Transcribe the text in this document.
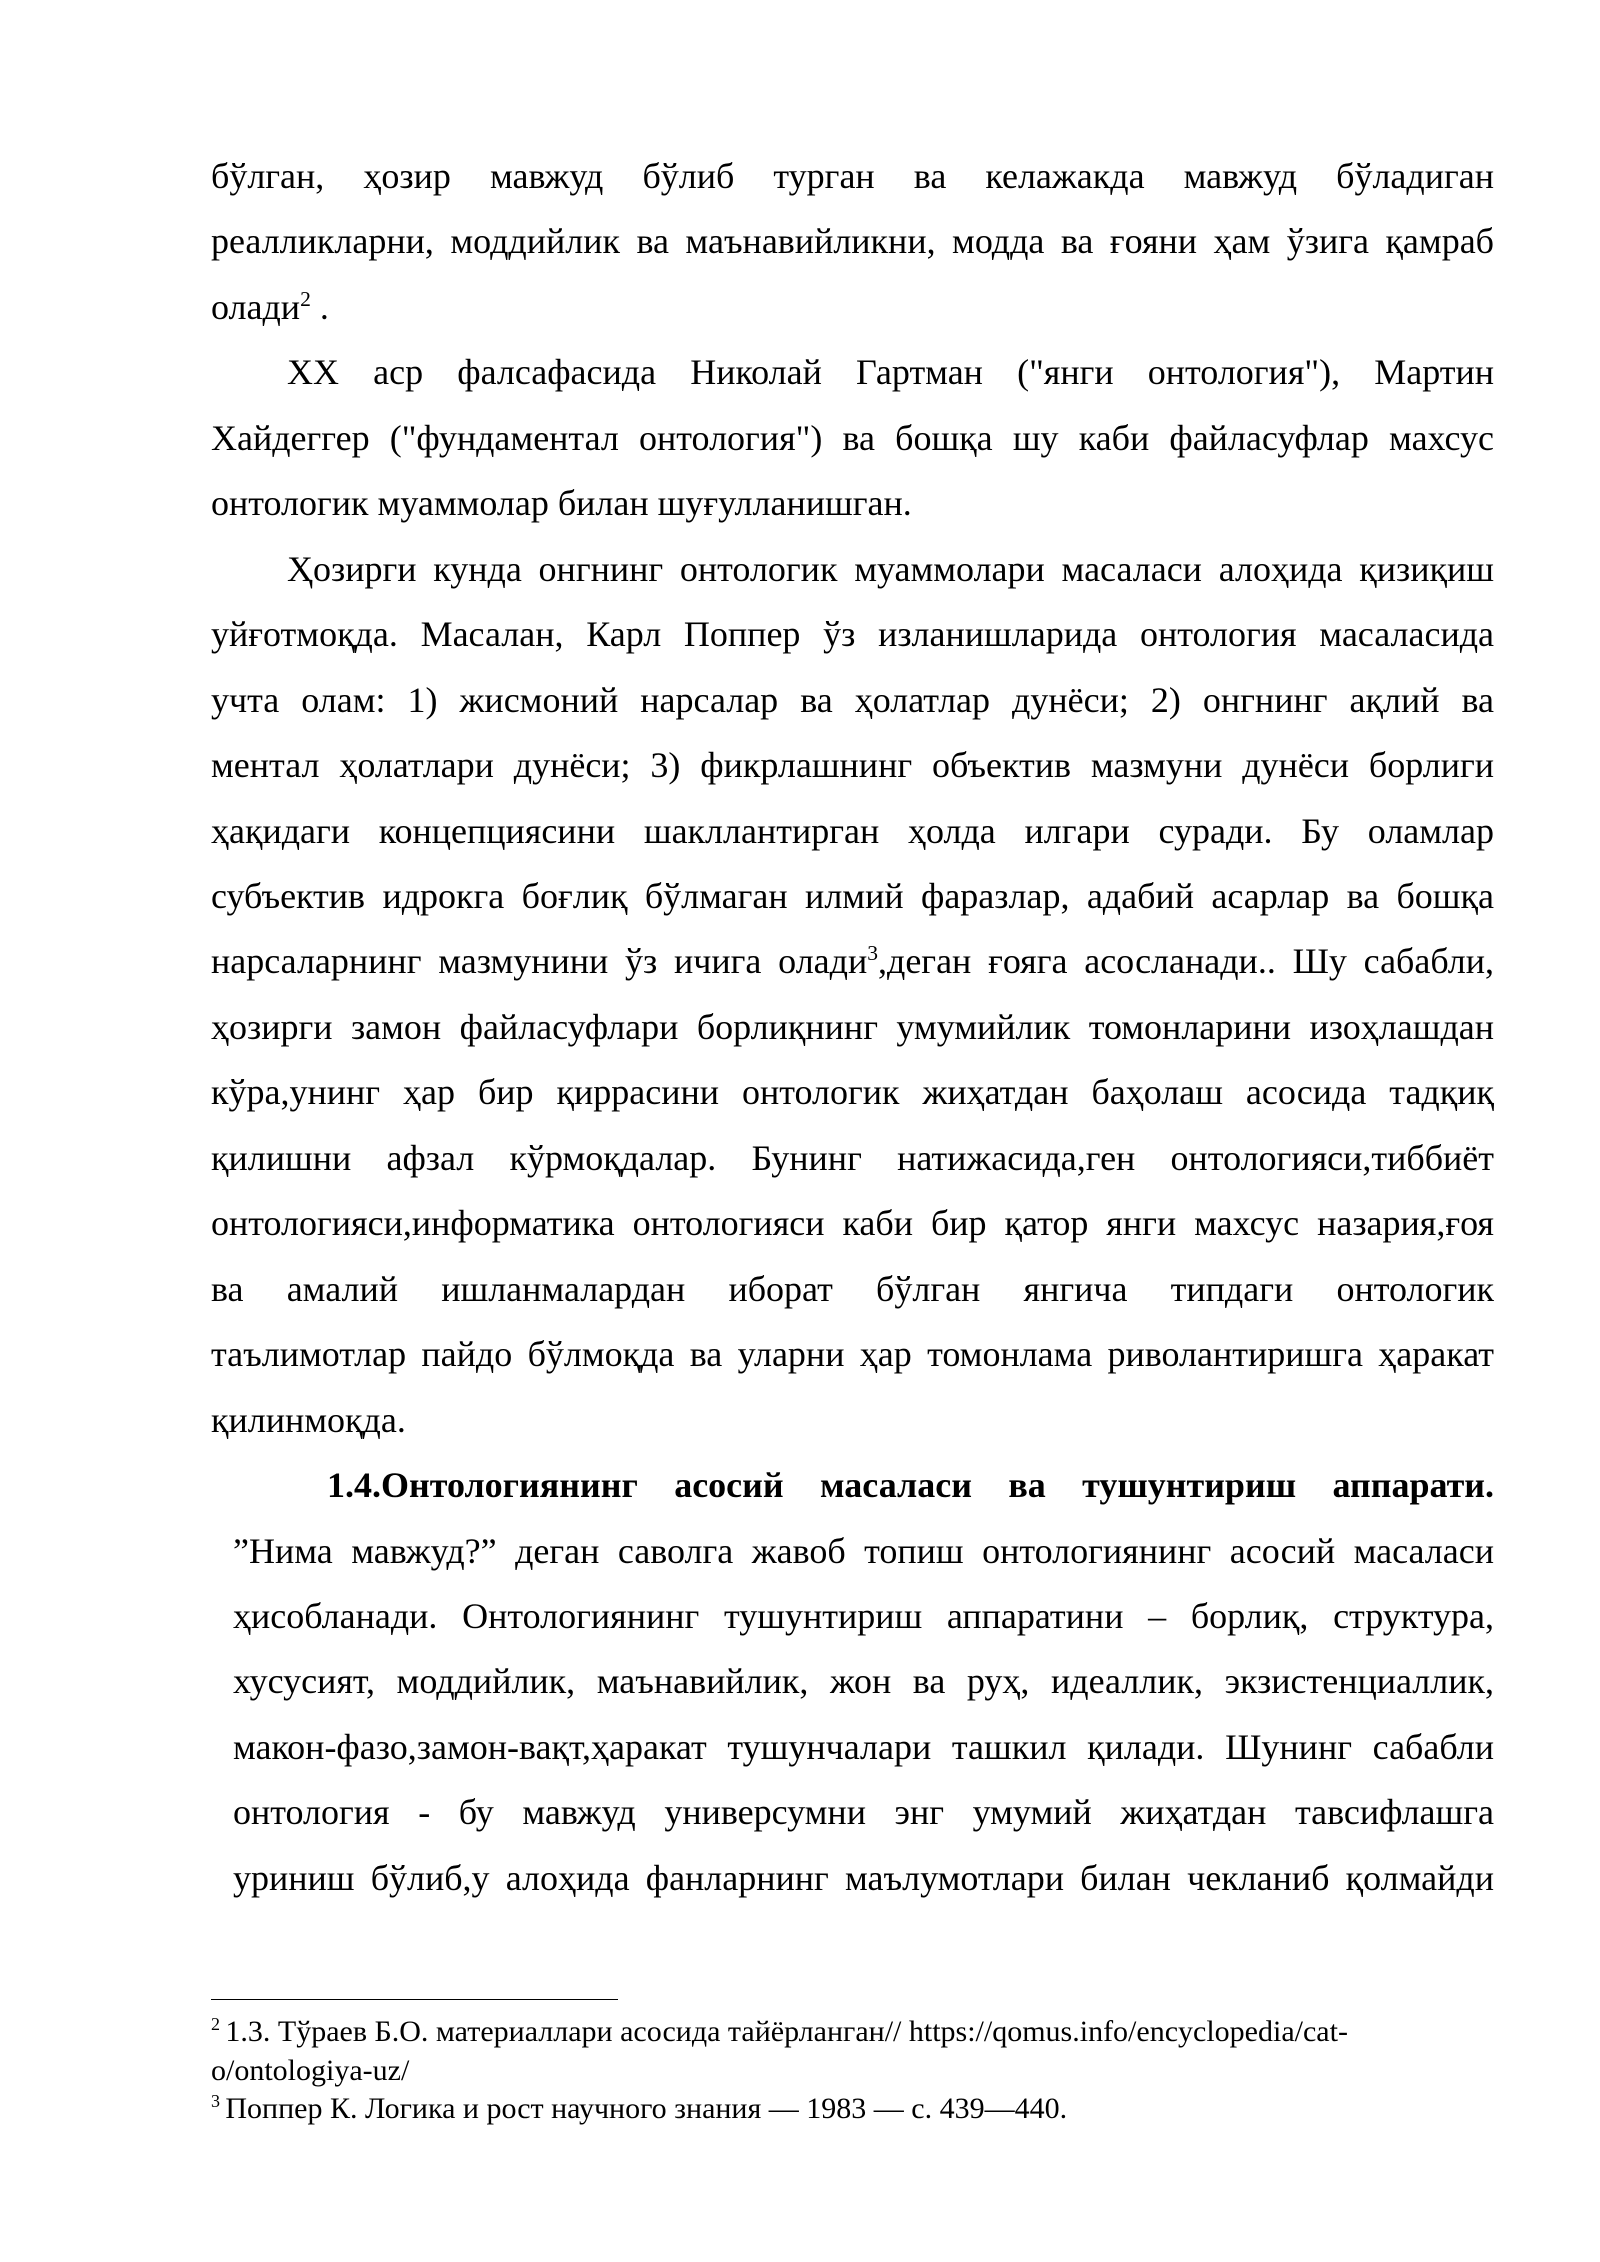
бўлган, ҳозир мавжуд бўлиб турган ва келажакда мавжуд бўладиган
реалликларни, моддийлик ва маънавийликни, модда ва ғояни ҳам ўзига қамраб
олади$^2$ .
XX аср фалсафасида Николай Гартман ("янги онтология"), Мартин
Хайдеггер ("фундаментал онтология") ва бошқа шу каби файласуфлар махсус
онтологик муаммолар билан шуғулланишган.
Ҳозирги кунда онгнинг онтологик муаммолари масаласи алоҳида қизиқиш
уйғотмоқда. Масалан, Карл Поппер ўз изланишларида онтология масаласида
учта олам: 1) жисмоний нарсалар ва ҳолатлар дунёси; 2) онгнинг ақлий ва
ментал ҳолатлари дунёси; 3) фикрлашнинг объектив мазмуни дунёси борлиги
ҳақидаги концепциясини шакллантирган ҳолда илгари суради. Бу оламлар
субъектив идрокга боғлиқ бўлмаган илмий фаразлар, адабий асарлар ва бошқа
нарсаларнинг мазмунини ўз ичига олади$^3$,деган ғояга асосланади.. Шу сабабли,
ҳозирги замон файласуфлари борлиқнинг умумийлик томонларини изоҳлашдан
кўра,унинг ҳар бир қиррасини онтологик жиҳатдан баҳолаш асосида тадқиқ
қилишни афзал кўрмоқдалар. Бунинг натижасида,ген онтологияси,тиббиёт
онтологияси,информатика онтологияси каби бир қатор янги махсус назария,ғоя
ва амалий ишланмалардан иборат бўлган янгича типдаги онтологик
таълимотлар пайдо бўлмоқда ва уларни ҳар томонлама риволантиришга ҳаракат
қилинмоқда.
1.4.Онтологиянинг асосий масаласи ва тушунтириш аппарати.
”Нима мавжуд?” деган саволга жавоб топиш онтологиянинг асосий масаласи
ҳисобланади. Онтологиянинг тушунтириш аппаратини – борлиқ, структура,
хусусият, моддийлик, маънавийлик, жон ва руҳ, идеаллик, экзистенциаллик,
макон-фазо,замон-вақт,ҳаракат тушунчалари ташкил қилади. Шунинг сабабли
онтология - бу мавжуд универсумни энг умумий жиҳатдан тавсифлашга
уриниш бўлиб,у алоҳида фанларнинг маълумотлари билан чекланиб қолмайди
$^2$ 1.3. Тўраев Б.О. материаллари асосида тайёрланган// https://qomus.info/encyclopedia/cat-
o/ontologiya-uz/
$^3$ Поппер К. Логика и рост научного знания — 1983 — с. 439—440.
